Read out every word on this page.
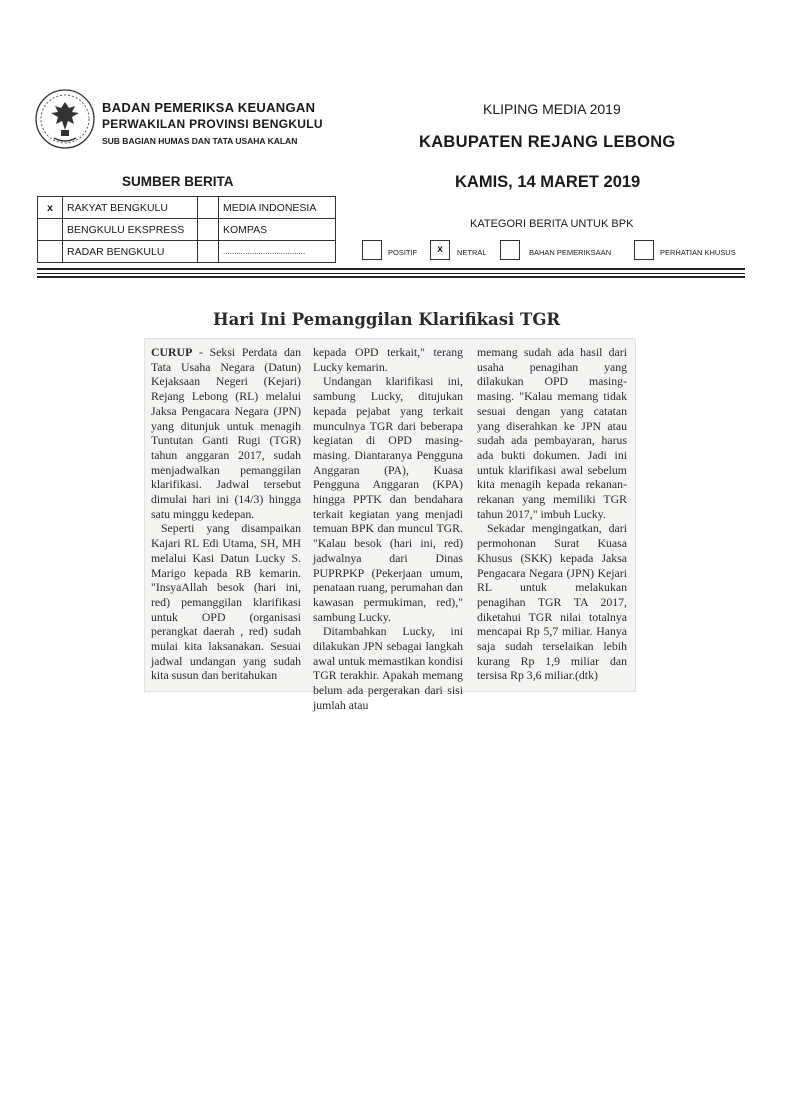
BADAN PEMERIKSA KEUANGAN
PERWAKILAN PROVINSI BENGKULU
SUB BAGIAN HUMAS DAN TATA USAHA KALAN
KLIPING MEDIA 2019
KABUPATEN REJANG LEBONG
KAMIS, 14 MARET 2019
SUMBER BERITA
x	RAKYAT BENGKULU		MEDIA INDONESIA
	BENGKULU EKSPRESS		KOMPAS
	RADAR BENGKULU		.....................................
KATEGORI BERITA UNTUK BPK
POSITIF	x	NETRAL	BAHAN PEMERIKSAAN	PERHATIAN KHUSUS
Hari Ini Pemanggilan Klarifikasi TGR

CURUP - Seksi Perdata dan Tata Usaha Negara (Datun) Kejaksaan Negeri (Kejari) Rejang Lebong (RL) melalui Jaksa Pengacara Negara (JPN) yang ditunjuk untuk menagih Tuntutan Ganti Rugi (TGR) tahun anggaran 2017, sudah menjadwalkan pemanggilan klarifikasi. Jadwal tersebut dimulai hari ini (14/3) hingga satu minggu kedepan.

Seperti yang disampaikan Kajari RL Edi Utama, SH, MH melalui Kasi Datun Lucky S. Marigo kepada RB kemarin. "InsyaAllah besok (hari ini, red) pemanggilan klarifikasi untuk OPD (organisasi perangkat daerah , red) sudah mulai kita laksanakan. Sesuai jadwal undangan yang sudah kita susun dan beritahukan

kepada OPD terkait," terang Lucky kemarin.

Undangan klarifikasi ini, sambung Lucky, ditujukan kepada pejabat yang terkait munculnya TGR dari beberapa kegiatan di OPD masing-masing. Diantaranya Pengguna Anggaran (PA), Kuasa Pengguna Anggaran (KPA) hingga PPTK dan bendahara terkait kegiatan yang menjadi temuan BPK dan muncul TGR. "Kalau besok (hari ini, red) jadwalnya dari Dinas PUPRPKP (Pekerjaan umum, penataan ruang, perumahan dan kawasan permukiman, red)," sambung Lucky.

Ditambahkan Lucky, ini dilakukan JPN sebagai langkah awal untuk memastikan kondisi TGR terakhir. Apakah memang belum ada pergerakan dari sisi jumlah atau

memang sudah ada hasil dari usaha penagihan yang dilakukan OPD masing-masing. "Kalau memang tidak sesuai dengan yang catatan yang diserahkan ke JPN atau sudah ada pembayaran, harus ada bukti dokumen. Jadi ini untuk klarifikasi awal sebelum kita menagih kepada rekanan-rekanan yang memiliki TGR tahun 2017," imbuh Lucky.

Sekadar mengingatkan, dari permohonan Surat Kuasa Khusus (SKK) kepada Jaksa Pengacara Negara (JPN) Kejari RL untuk melakukan penagihan TGR TA 2017, diketahui TGR nilai totalnya mencapai Rp 5,7 miliar. Hanya saja sudah terselaikan lebih kurang Rp 1,9 miliar dan tersisa Rp 3,6 miliar.(dtk)
